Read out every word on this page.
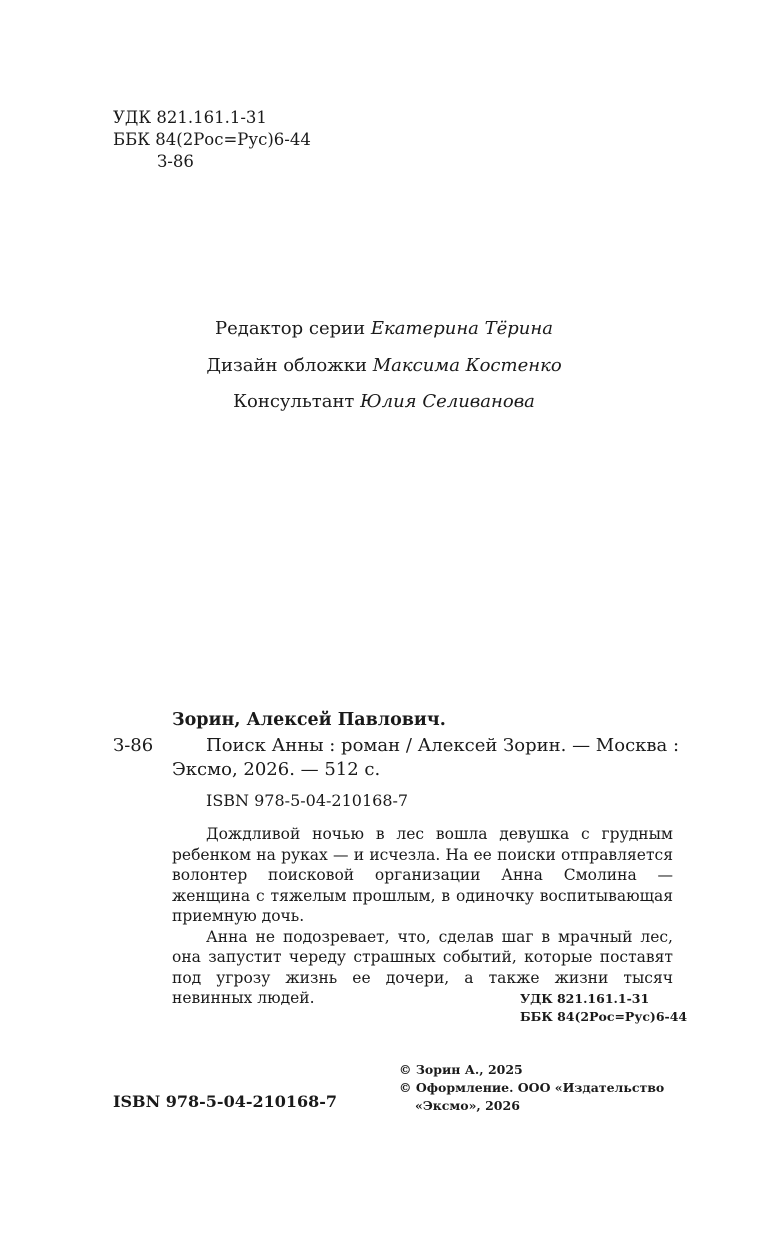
УДК 821.161.1-31
ББК 84(2Рос=Рус)6-44
З-86
Редактор серии Екатерина Тёрина
Дизайн обложки Максима Костенко
Консультант Юлия Селиванова
Зорин, Алексей Павлович.
З-86	Поиск Анны : роман / Алексей Зорин. — Москва :
Эксмо, 2026. — 512 с.
ISBN 978-5-04-210168-7

Дождливой ночью в лес вошла девушка с грудным ребенком на руках — и исчезла. На ее поиски отправляется волонтер поисковой организации Анна Смолина — женщина с тяжелым прошлым, в одиночку воспитывающая приемную дочь.

Анна не подозревает, что, сделав шаг в мрачный лес, она запустит череду страшных событий, которые поставят под угрозу жизнь ее дочери, а также жизни тысяч невинных людей.	УДК 821.161.1-31
ББК 84(2Рос=Рус)6-44
ISBN 978-5-04-210168-7
© Зорин А., 2025
© Оформление. ООО «Издательство
«Эксмо», 2026
